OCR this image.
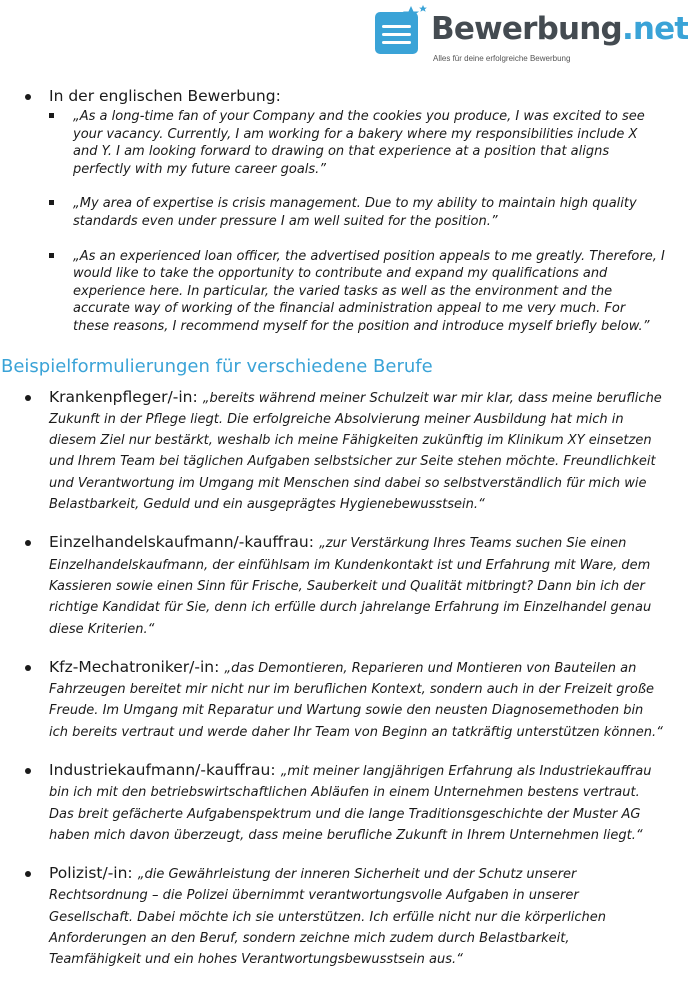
Bewerbung.net
Alles für deine erfolgreiche Bewerbung
In der englischen Bewerbung:
„As a long-time fan of your Company and the cookies you produce, I was excited to see your vacancy. Currently, I am working for a bakery where my responsibilities include X and Y. I am looking forward to drawing on that experience at a position that aligns perfectly with my future career goals.”
„My area of expertise is crisis management. Due to my ability to maintain high quality standards even under pressure I am well suited for the position.”
„As an experienced loan officer, the advertised position appeals to me greatly. Therefore, I would like to take the opportunity to contribute and expand my qualifications and experience here. In particular, the varied tasks as well as the environment and the accurate way of working of the financial administration appeal to me very much. For these reasons, I recommend myself for the position and introduce myself briefly below.”
Beispielformulierungen für verschiedene Berufe
Krankenpfleger/-in: „bereits während meiner Schulzeit war mir klar, dass meine berufliche Zukunft in der Pflege liegt. Die erfolgreiche Absolvierung meiner Ausbildung hat mich in diesem Ziel nur bestärkt, weshalb ich meine Fähigkeiten zukünftig im Klinikum XY einsetzen und Ihrem Team bei täglichen Aufgaben selbstsicher zur Seite stehen möchte. Freundlichkeit und Verantwortung im Umgang mit Menschen sind dabei so selbstverständlich für mich wie Belastbarkeit, Geduld und ein ausgeprägtes Hygienebewusstsein.“
Einzelhandelskaufmann/-kauffrau: „zur Verstärkung Ihres Teams suchen Sie einen Einzelhandelskaufmann, der einfühlsam im Kundenkontakt ist und Erfahrung mit Ware, dem Kassieren sowie einen Sinn für Frische, Sauberkeit und Qualität mitbringt? Dann bin ich der richtige Kandidat für Sie, denn ich erfülle durch jahrelange Erfahrung im Einzelhandel genau diese Kriterien.“
Kfz-Mechatroniker/-in: „das Demontieren, Reparieren und Montieren von Bauteilen an Fahrzeugen bereitet mir nicht nur im beruflichen Kontext, sondern auch in der Freizeit große Freude. Im Umgang mit Reparatur und Wartung sowie den neusten Diagnosemethoden bin ich bereits vertraut und werde daher Ihr Team von Beginn an tatkräftig unterstützen können.“
Industriekaufmann/-kauffrau: „mit meiner langjährigen Erfahrung als Industriekauffrau bin ich mit den betriebswirtschaftlichen Abläufen in einem Unternehmen bestens vertraut. Das breit gefächerte Aufgabenspektrum und die lange Traditionsgeschichte der Muster AG haben mich davon überzeugt, dass meine berufliche Zukunft in Ihrem Unternehmen liegt.“
Polizist/-in: „die Gewährleistung der inneren Sicherheit und der Schutz unserer Rechtsordnung – die Polizei übernimmt verantwortungsvolle Aufgaben in unserer Gesellschaft. Dabei möchte ich sie unterstützen. Ich erfülle nicht nur die körperlichen Anforderungen an den Beruf, sondern zeichne mich zudem durch Belastbarkeit, Teamfähigkeit und ein hohes Verantwortungsbewusstsein aus.“
